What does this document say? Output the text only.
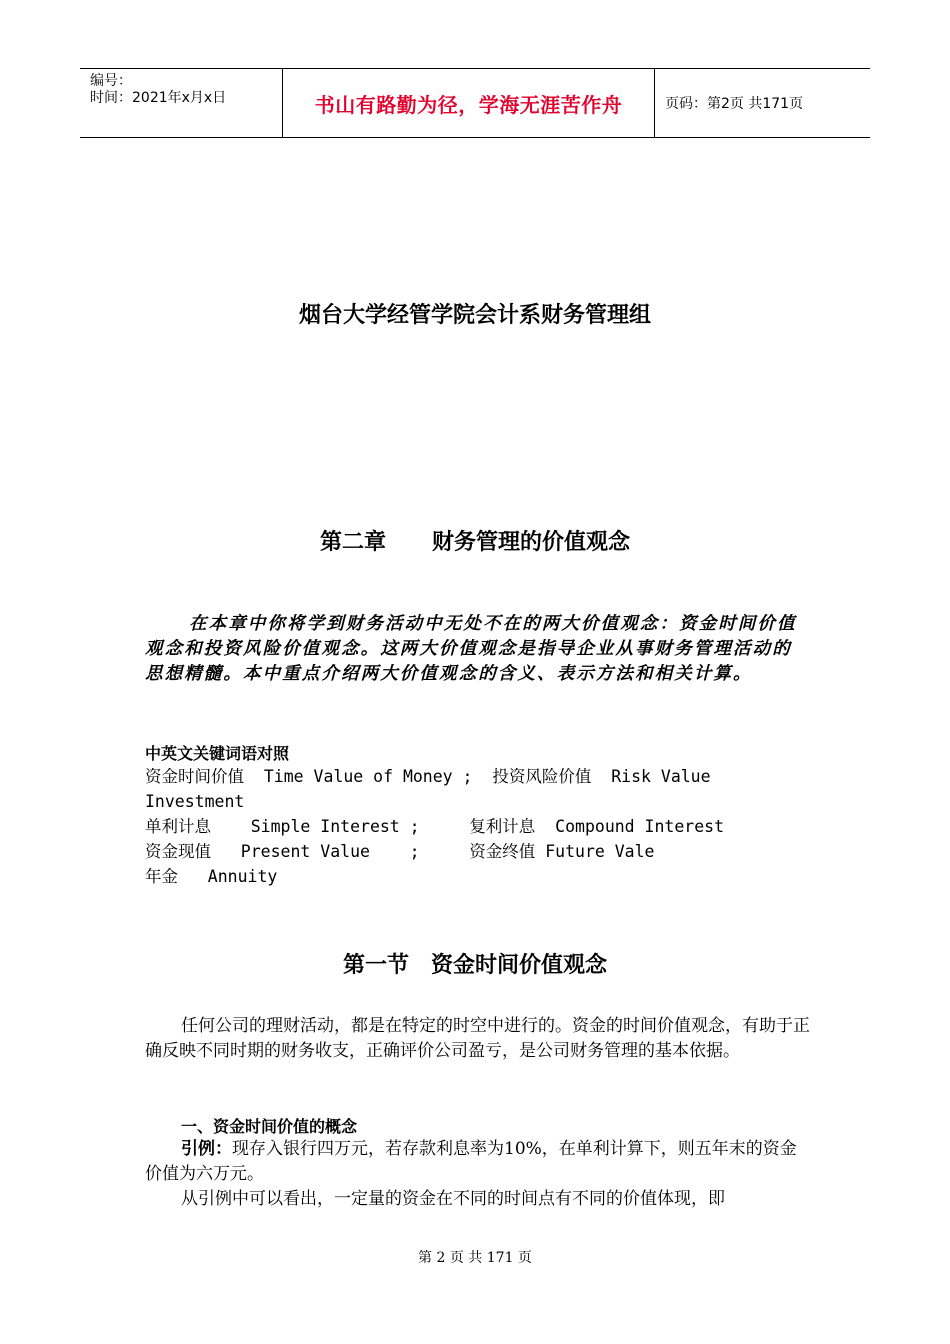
编号：
时间：2021年x月x日	书山有路勤为径，学海无涯苦作舟	页码：第2页 共171页
烟台大学经管学院会计系财务管理组
第二章 财务管理的价值观念
在本章中你将学到财务活动中无处不在的两大价值观念：资金时间价值观念和投资风险价值观念。这两大价值观念是指导企业从事财务管理活动的思想精髓。本中重点介绍两大价值观念的含义、表示方法和相关计算。
中英文关键词语对照
资金时间价值  Time Value of Money ;  投资风险价值  Risk Value
Investment
单利计息    Simple Interest ;     复利计息  Compound Interest
资金现值   Present Value    ;     资金终值 Future Vale
年金   Annuity
第一节 资金时间价值观念
任何公司的理财活动，都是在特定的时空中进行的。资金的时间价值观念，有助于正确反映不同时期的财务收支，正确评价公司盈亏，是公司财务管理的基本依据。
一、资金时间价值的概念
引例：现存入银行四万元，若存款利息率为10%，在单利计算下，则五年末的资金价值为六万元。
从引例中可以看出，一定量的资金在不同的时间点有不同的价值体现，即
第 2 页 共 171 页
